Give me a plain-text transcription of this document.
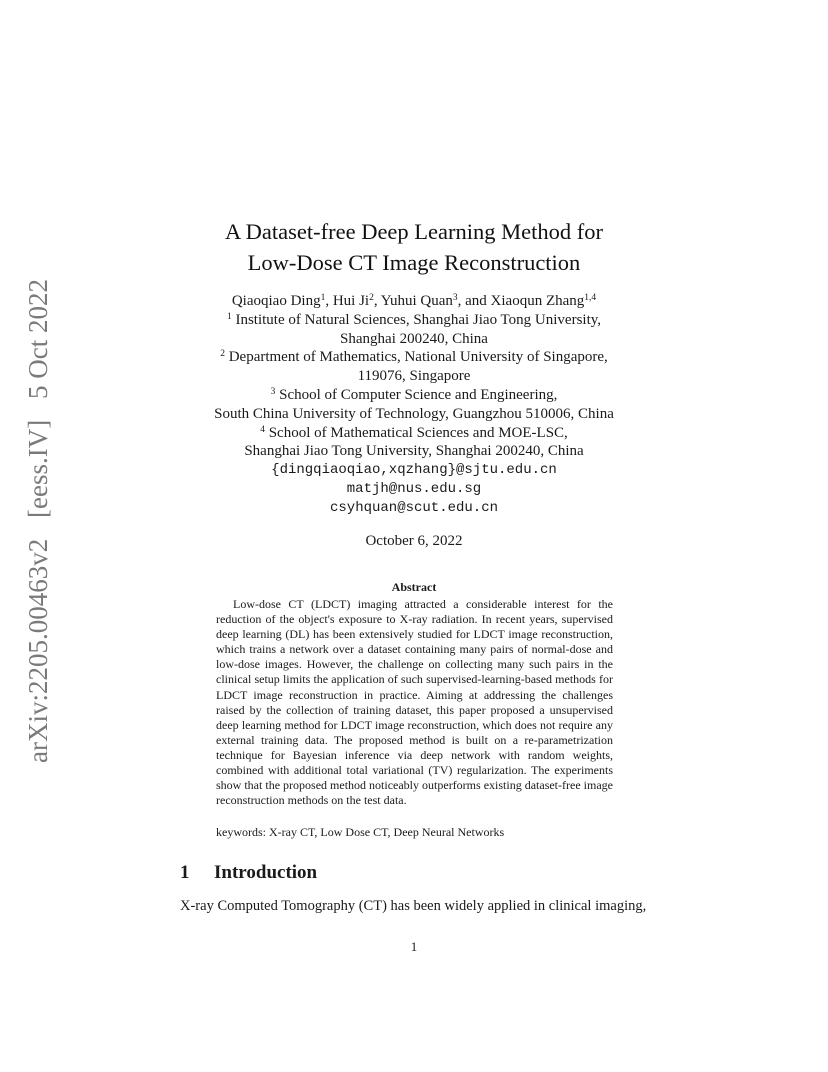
arXiv:2205.00463v2 [eess.IV] 5 Oct 2022
A Dataset-free Deep Learning Method for
Low-Dose CT Image Reconstruction
Qiaoqiao Ding$^1$, Hui Ji$^2$, Yuhui Quan$^3$, and Xiaoqun Zhang$^{1,4}$
$^1$ Institute of Natural Sciences, Shanghai Jiao Tong University,
Shanghai 200240, China
$^2$ Department of Mathematics, National University of Singapore,
119076, Singapore
$^3$ School of Computer Science and Engineering,
South China University of Technology, Guangzhou 510006, China
$^4$ School of Mathematical Sciences and MOE-LSC,
Shanghai Jiao Tong University, Shanghai 200240, China
{dingqiaoqiao,xqzhang}@sjtu.edu.cn
matjh@nus.edu.sg
csyhquan@scut.edu.cn
October 6, 2022
Abstract

Low-dose CT (LDCT) imaging attracted a considerable interest for the reduction of the object's exposure to X-ray radiation. In recent years, supervised deep learning (DL) has been extensively studied for LDCT image reconstruction, which trains a network over a dataset containing many pairs of normal-dose and low-dose images. However, the challenge on collecting many such pairs in the clinical setup limits the application of such supervised-learning-based methods for LDCT image reconstruction in practice. Aiming at addressing the challenges raised by the collection of training dataset, this paper proposed a unsupervised deep learning method for LDCT image reconstruction, which does not require any external training data. The proposed method is built on a re-parametrization technique for Bayesian inference via deep network with random weights, combined with additional total variational (TV) regularization. The experiments show that the proposed method noticeably outperforms existing dataset-free image reconstruction methods on the test data.

keywords: X-ray CT, Low Dose CT, Deep Neural Networks

1 Introduction

X-ray Computed Tomography (CT) has been widely applied in clinical imaging,

1
